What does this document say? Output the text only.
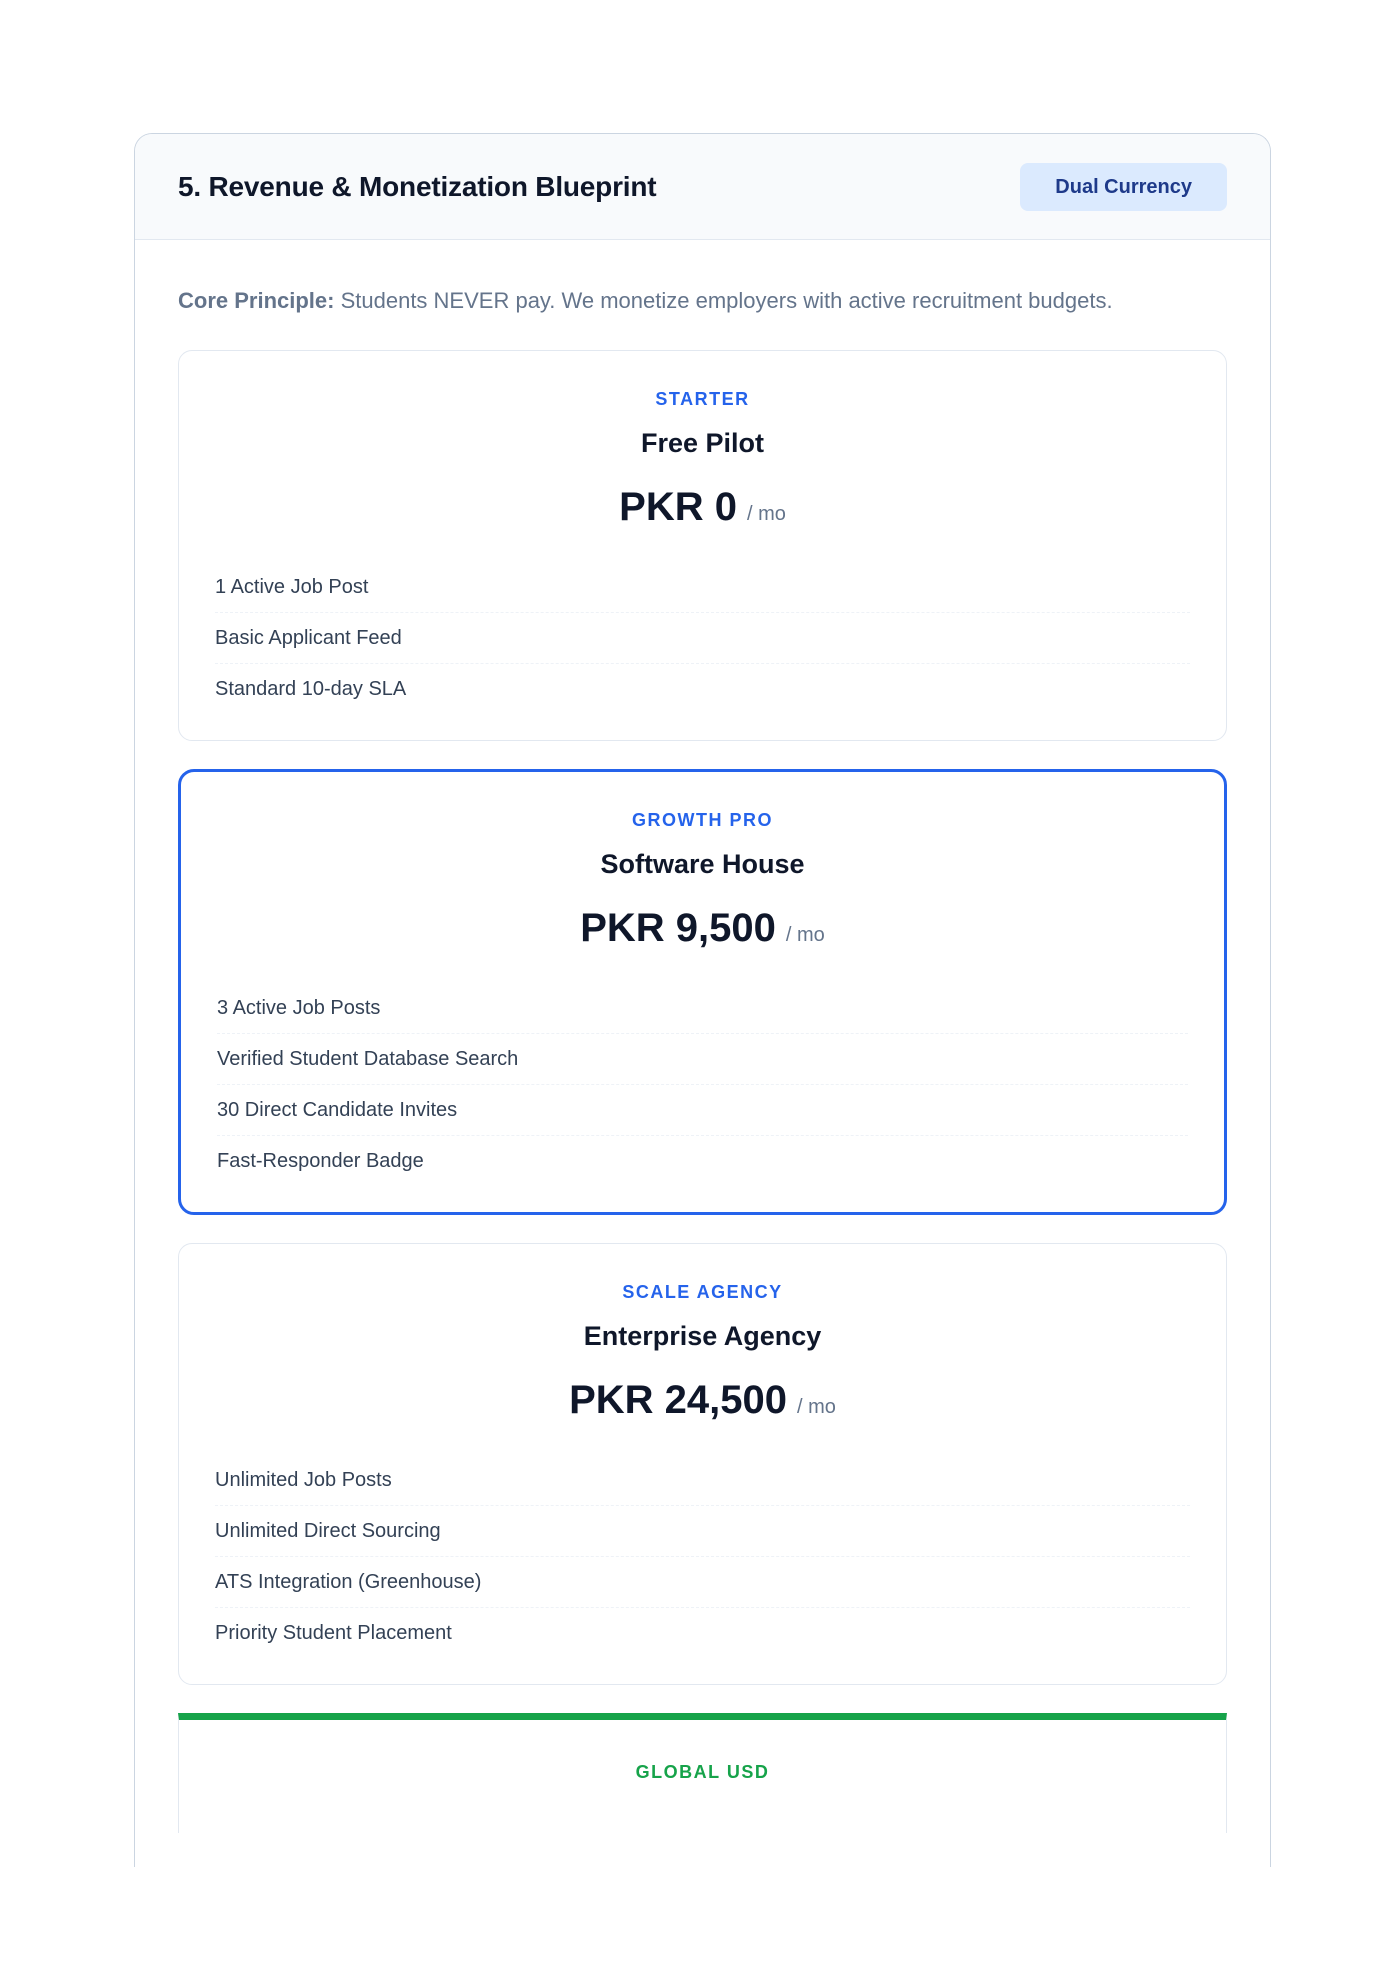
5. Revenue & Monetization Blueprint	Dual Currency

Core Principle: Students NEVER pay. We monetize employers with active recruitment budgets.

STARTER

Free Pilot
PKR 0 / mo
1 Active Job Post
Basic Applicant Feed
Standard 10-day SLA

GROWTH PRO

Software House
PKR 9,500 / mo
3 Active Job Posts
Verified Student Database Search
30 Direct Candidate Invites
Fast-Responder Badge

SCALE AGENCY

Enterprise Agency
PKR 24,500 / mo
Unlimited Job Posts
Unlimited Direct Sourcing
ATS Integration (Greenhouse)
Priority Student Placement

GLOBAL USD
